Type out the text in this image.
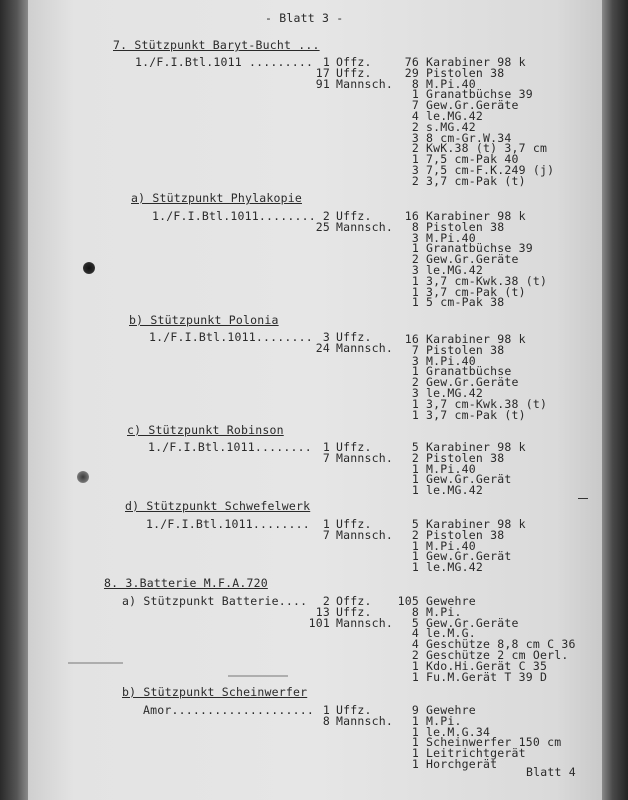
- Blatt 3 -
Blatt 4
7. Stützpunkt Baryt-Bucht ...
1./F.I.Btl.1011 ......... 1 Offz.
17 Uffz.
91 Mannsch.
76 Karabiner 98 k
29 Pistolen 38
8 M.Pi.40
1 Granatbüchse 39
7 Gew.Gr.Geräte
4 le.MG.42
2 s.MG.42
3 8 cm-Gr.W.34
2 KwK.38 (t) 3,7 cm
1 7,5 cm-Pak 40
3 7,5 cm-F.K.249 (j)
2 3,7 cm-Pak (t)
a) Stützpunkt Phylakopie
1./F.I.Btl.1011........ 2 Uffz.
25 Mannsch.
16 Karabiner 98 k
8 Pistolen 38
3 M.Pi.40
1 Granatbüchse 39
2 Gew.Gr.Geräte
3 le.MG.42
1 3,7 cm-Kwk.38 (t)
1 3,7 cm-Pak (t)
1 5 cm-Pak 38
b) Stützpunkt Polonia
1./F.I.Btl.1011........ 3 Uffz.
24 Mannsch.
16 Karabiner 98 k
7 Pistolen 38
3 M.Pi.40
1 Granatbüchse
2 Gew.Gr.Geräte
3 le.MG.42
1 3,7 cm-Kwk.38 (t)
1 3,7 cm-Pak (t)
c) Stützpunkt Robinson
1./F.I.Btl.1011........ 1 Uffz.
7 Mannsch.
5 Karabiner 98 k
2 Pistolen 38
1 M.Pi.40
1 Gew.Gr.Gerät
1 le.MG.42
d) Stützpunkt Schwefelwerk
1./F.I.Btl.1011........	1 Uffz.
7 Mannsch.
5 Karabiner 98 k
2 Pistolen 38
1 M.Pi.40
1 Gew.Gr.Gerät
1 le.MG.42
8. 3.Batterie M.F.A.720
a) Stützpunkt Batterie....	2 Offz.
13 Uffz.
101 Mannsch.
105 Gewehre
8 M.Pi.
5 Gew.Gr.Geräte
4 le.M.G.
4 Geschütze 8,8 cm C 36
2 Geschütze 2 cm Oerl.
1 Kdo.Hi.Gerät C 35
1 Fu.M.Gerät T 39 D
b) Stützpunkt Scheinwerfer
Amor.................... 1 Uffz.
8 Mannsch.
9 Gewehre
1 M.Pi.
1 le.M.G.34
1 Scheinwerfer 150 cm
1 Leitrichtgerät
1 Horchgerät
